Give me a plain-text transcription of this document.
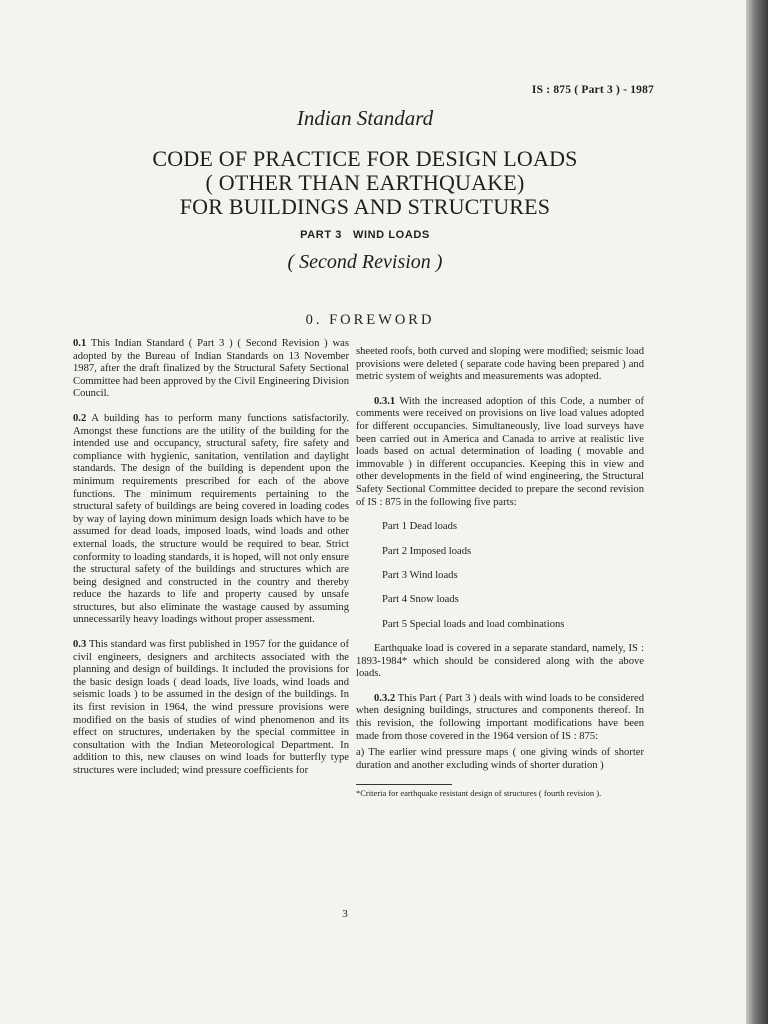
IS : 875 ( Part 3 ) - 1987

Indian Standard

CODE OF PRACTICE FOR DESIGN LOADS

( OTHER THAN EARTHQUAKE)

FOR BUILDINGS AND STRUCTURES

PART 3   WIND LOADS

( Second Revision )

0. FOREWORD

0.1 This Indian Standard ( Part 3 ) ( Second Revision ) was adopted by the Bureau of Indian Standards on 13 November 1987, after the draft finalized by the Structural Safety Sectional Committee had been approved by the Civil Engineering Division Council.

0.2 A building has to perform many functions satisfactorily. Amongst these functions are the utility of the building for the intended use and occupancy, structural safety, fire safety and compliance with hygienic, sanitation, ventilation and daylight standards. The design of the building is dependent upon the minimum requirements prescribed for each of the above functions. The minimum requirements pertaining to the structural safety of buildings are being covered in loading codes by way of laying down minimum design loads which have to be assumed for dead loads, imposed loads, wind loads and other external loads, the structure would be required to bear. Strict conformity to loading standards, it is hoped, will not only ensure the structural safety of the buildings and structures which are being designed and constructed in the country and thereby reduce the hazards to life and property caused by unsafe structures, but also eliminate the wastage caused by assuming unnecessarily heavy loadings without proper assessment.

0.3 This standard was first published in 1957 for the guidance of civil engineers, designers and architects associated with the planning and design of buildings. It included the provisions for the basic design loads ( dead loads, live loads, wind loads and seismic loads ) to be assumed in the design of the buildings. In its first revision in 1964, the wind pressure provisions were modified on the basis of studies of wind phenomenon and its effect on structures, undertaken by the special committee in consultation with the Indian Meteorological Department. In addition to this, new clauses on wind loads for butterfly type structures were included; wind pressure coefficients for

sheeted roofs, both curved and sloping were modified; seismic load provisions were deleted ( separate code having been prepared ) and metric system of weights and measurements was adopted.

0.3.1 With the increased adoption of this Code, a number of comments were received on provisions on live load values adopted for different occupancies. Simultaneously, live load surveys have been carried out in America and Canada to arrive at realistic live loads based on actual determination of loading ( movable and immovable ) in different occupancies. Keeping this in view and other developments in the field of wind engineering, the Structural Safety Sectional Committee decided to prepare the second revision of IS : 875 in the following five parts:

Part 1 Dead loads
Part 2 Imposed loads
Part 3 Wind loads
Part 4 Snow loads
Part 5 Special loads and load combinations

Earthquake load is covered in a separate standard, namely, IS : 1893-1984* which should be considered along with the above loads.

0.3.2 This Part ( Part 3 ) deals with wind loads to be considered when designing buildings, structures and components thereof. In this revision, the following important modifications have been made from those covered in the 1964 version of IS : 875:

a) The earlier wind pressure maps ( one giving winds of shorter duration and another excluding winds of shorter duration )

*Criteria for earthquake resistant design of structures ( fourth revision ).
3
